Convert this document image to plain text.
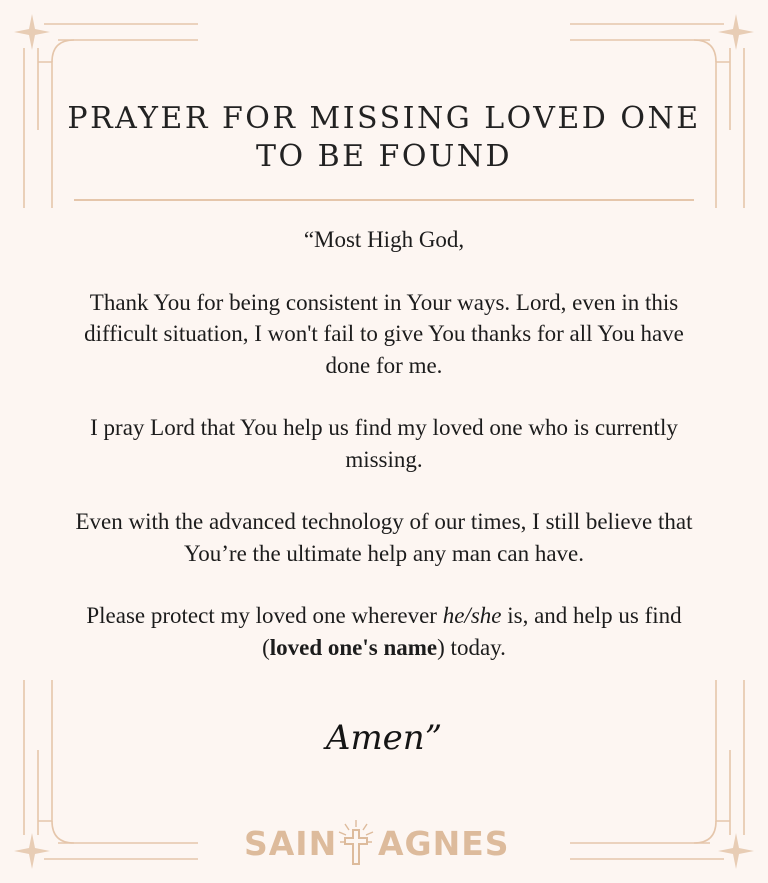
PRAYER FOR MISSING LOVED ONE
TO BE FOUND

“Most High God,

Thank You for being consistent in Your ways. Lord, even in this difficult situation, I won't fail to give You thanks for all You have done for me.

I pray Lord that You help us find my loved one who is currently missing.

Even with the advanced technology of our times, I still believe that You’re the ultimate help any man can have.

Please protect my loved one wherever he/she is, and help us find (loved one's name) today.

Amen”
SAIN AGNES
